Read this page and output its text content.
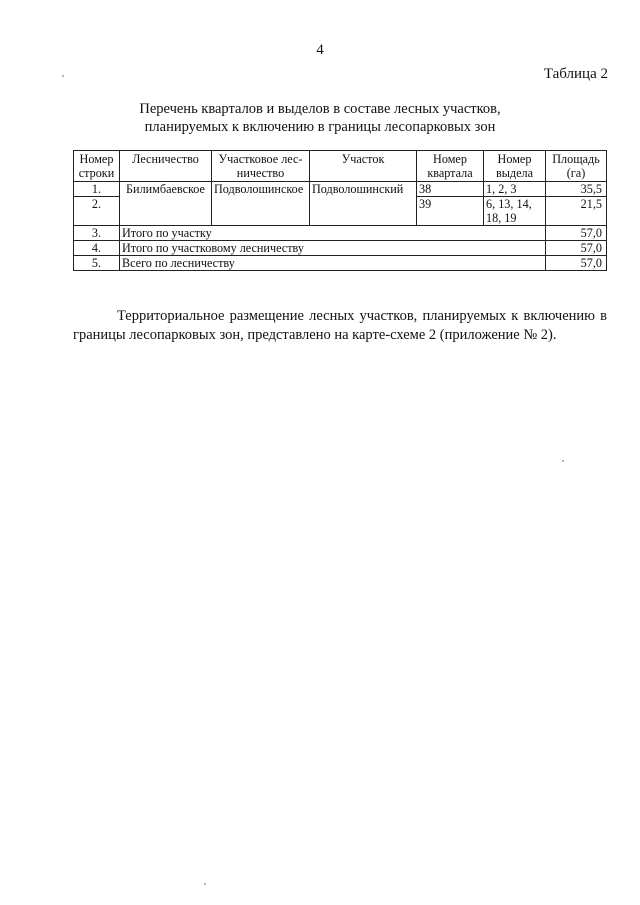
4
Таблица 2
Перечень кварталов и выделов в составе лесных участков,
планируемых к включению в границы лесопарковых зон
Номер строки	Лесничество	Участковое лес-ничество	Участок	Номер квартала	Номер выдела	Площадь (га)
1.	Билимбаевское	Подволошинское	Подволошинский	38	1, 2, 3	35,5
2.				39	6, 13, 14, 18, 19	21,5
3.	Итого по участку					57,0
4.	Итого по участковому лесничеству					57,0
5.	Всего по лесничеству					57,0

Территориальное размещение лесных участков, планируемых к включению в границы лесопарковых зон, представлено на карте-схеме 2 (приложение № 2).
